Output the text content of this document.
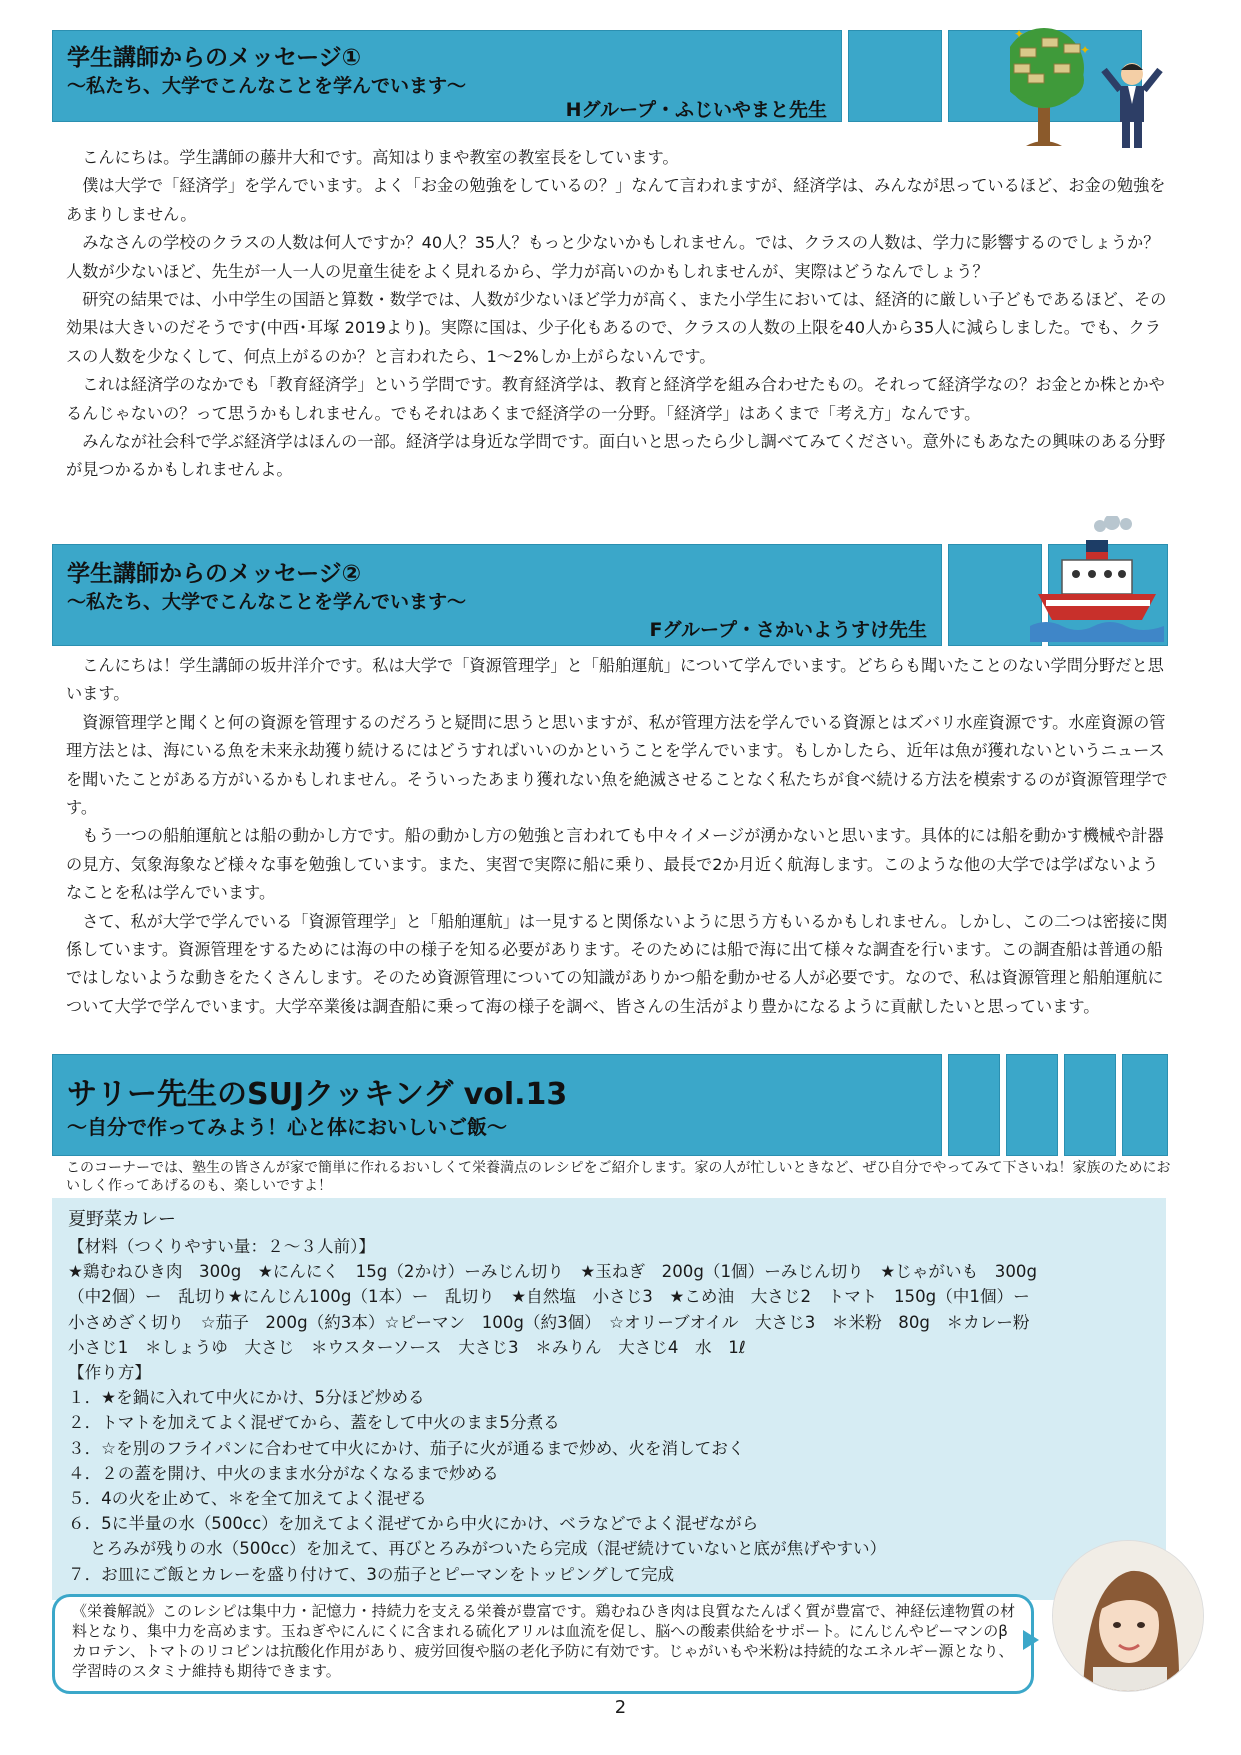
学生講師からのメッセージ①
～私たち、大学でこんなことを学んでいます～
Hグループ・ふじいやまと先生
✦
✦

こんにちは。学生講師の藤井大和です。高知はりまや教室の教室長をしています。

僕は大学で「経済学」を学んでいます。よく「お金の勉強をしているの？」なんて言われますが、経済学は、みんなが思っているほど、お金の勉強をあまりしません。

みなさんの学校のクラスの人数は何人ですか？40人？35人？もっと少ないかもしれません。では、クラスの人数は、学力に影響するのでしょうか？人数が少ないほど、先生が一人一人の児童生徒をよく見れるから、学力が高いのかもしれませんが、実際はどうなんでしょう？

研究の結果では、小中学生の国語と算数・数学では、人数が少ないほど学力が高く、また小学生においては、経済的に厳しい子どもであるほど、その効果は大きいのだそうです(中西･耳塚 2019より)。実際に国は、少子化もあるので、クラスの人数の上限を40人から35人に減らしました。でも、クラスの人数を少なくして、何点上がるのか？と言われたら、1～2%しか上がらないんです。

これは経済学のなかでも「教育経済学」という学問です。教育経済学は、教育と経済学を組み合わせたもの。それって経済学なの？お金とか株とかやるんじゃないの？って思うかもしれません。でもそれはあくまで経済学の一分野。「経済学」はあくまで「考え方」なんです。

みんなが社会科で学ぶ経済学はほんの一部。経済学は身近な学問です。面白いと思ったら少し調べてみてください。意外にもあなたの興味のある分野が見つかるかもしれませんよ。

学生講師からのメッセージ②
～私たち、大学でこんなことを学んでいます～
Fグループ・さかいようすけ先生

こんにちは！学生講師の坂井洋介です。私は大学で「資源管理学」と「船舶運航」について学んでいます。どちらも聞いたことのない学問分野だと思います。

資源管理学と聞くと何の資源を管理するのだろうと疑問に思うと思いますが、私が管理方法を学んでいる資源とはズバリ水産資源です。水産資源の管理方法とは、海にいる魚を未来永劫獲り続けるにはどうすればいいのかということを学んでいます。もしかしたら、近年は魚が獲れないというニュースを聞いたことがある方がいるかもしれません。そういったあまり獲れない魚を絶滅させることなく私たちが食べ続ける方法を模索するのが資源管理学です。

もう一つの船舶運航とは船の動かし方です。船の動かし方の勉強と言われても中々イメージが湧かないと思います。具体的には船を動かす機械や計器の見方、気象海象など様々な事を勉強しています。また、実習で実際に船に乗り、最長で2か月近く航海します。このような他の大学では学ばないようなことを私は学んでいます。

さて、私が大学で学んでいる「資源管理学」と「船舶運航」は一見すると関係ないように思う方もいるかもしれません。しかし、この二つは密接に関係しています。資源管理をするためには海の中の様子を知る必要があります。そのためには船で海に出て様々な調査を行います。この調査船は普通の船ではしないような動きをたくさんします。そのため資源管理についての知識がありかつ船を動かせる人が必要です。なので、私は資源管理と船舶運航について大学で学んでいます。大学卒業後は調査船に乗って海の様子を調べ、皆さんの生活がより豊かになるように貢献したいと思っています。

サリー先生のSUJクッキング vol.13
～自分で作ってみよう！心と体においしいご飯～
このコーナーでは、塾生の皆さんが家で簡単に作れるおいしくて栄養満点のレシピをご紹介します。家の人が忙しいときなど、ぜひ自分でやってみて下さいね！家族のためにおいしく作ってあげるのも、楽しいですよ！
夏野菜カレー
【材料（つくりやすい量：２～３人前）】
★鶏むねひき肉　300g　★にんにく　15g（2かけ）ーみじん切り　★玉ねぎ　200g（1個）ーみじん切り　★じゃがいも　300g
（中2個）ー　乱切り★にんじん100g（1本）ー　乱切り　★自然塩　小さじ3　★こめ油　大さじ2　トマト　150g（中1個）ー
小さめざく切り　☆茄子　200g（約3本）☆ピーマン　100g（約3個）　☆オリーブオイル　大さじ3　＊米粉　80g　＊カレー粉
小さじ1　＊しょうゆ　大さじ　＊ウスターソース　大さじ3　＊みりん　大さじ4　水　1ℓ
【作り方】
１．★を鍋に入れて中火にかけ、5分ほど炒める
２．トマトを加えてよく混ぜてから、蓋をして中火のまま5分煮る
３．☆を別のフライパンに合わせて中火にかけ、茄子に火が通るまで炒め、火を消しておく
４．２の蓋を開け、中火のまま水分がなくなるまで炒める
５．4の火を止めて、＊を全て加えてよく混ぜる
６．5に半量の水（500cc）を加えてよく混ぜてから中火にかけ、ベラなどでよく混ぜながら
　 とろみが残りの水（500cc）を加えて、再びとろみがついたら完成（混ぜ続けていないと底が焦げやすい）
７．お皿にご飯とカレーを盛り付けて、3の茄子とピーマンをトッピングして完成
《栄養解説》このレシピは集中力・記憶力・持続力を支える栄養が豊富です。鶏むねひき肉は良質なたんぱく質が豊富で、神経伝達物質の材料となり、集中力を高めます。玉ねぎやにんにくに含まれる硫化アリルは血流を促し、脳への酸素供給をサポート。にんじんやピーマンのβカロテン、トマトのリコピンは抗酸化作用があり、疲労回復や脳の老化予防に有効です。じゃがいもや米粉は持続的なエネルギー源となり、学習時のスタミナ維持も期待できます。
2
